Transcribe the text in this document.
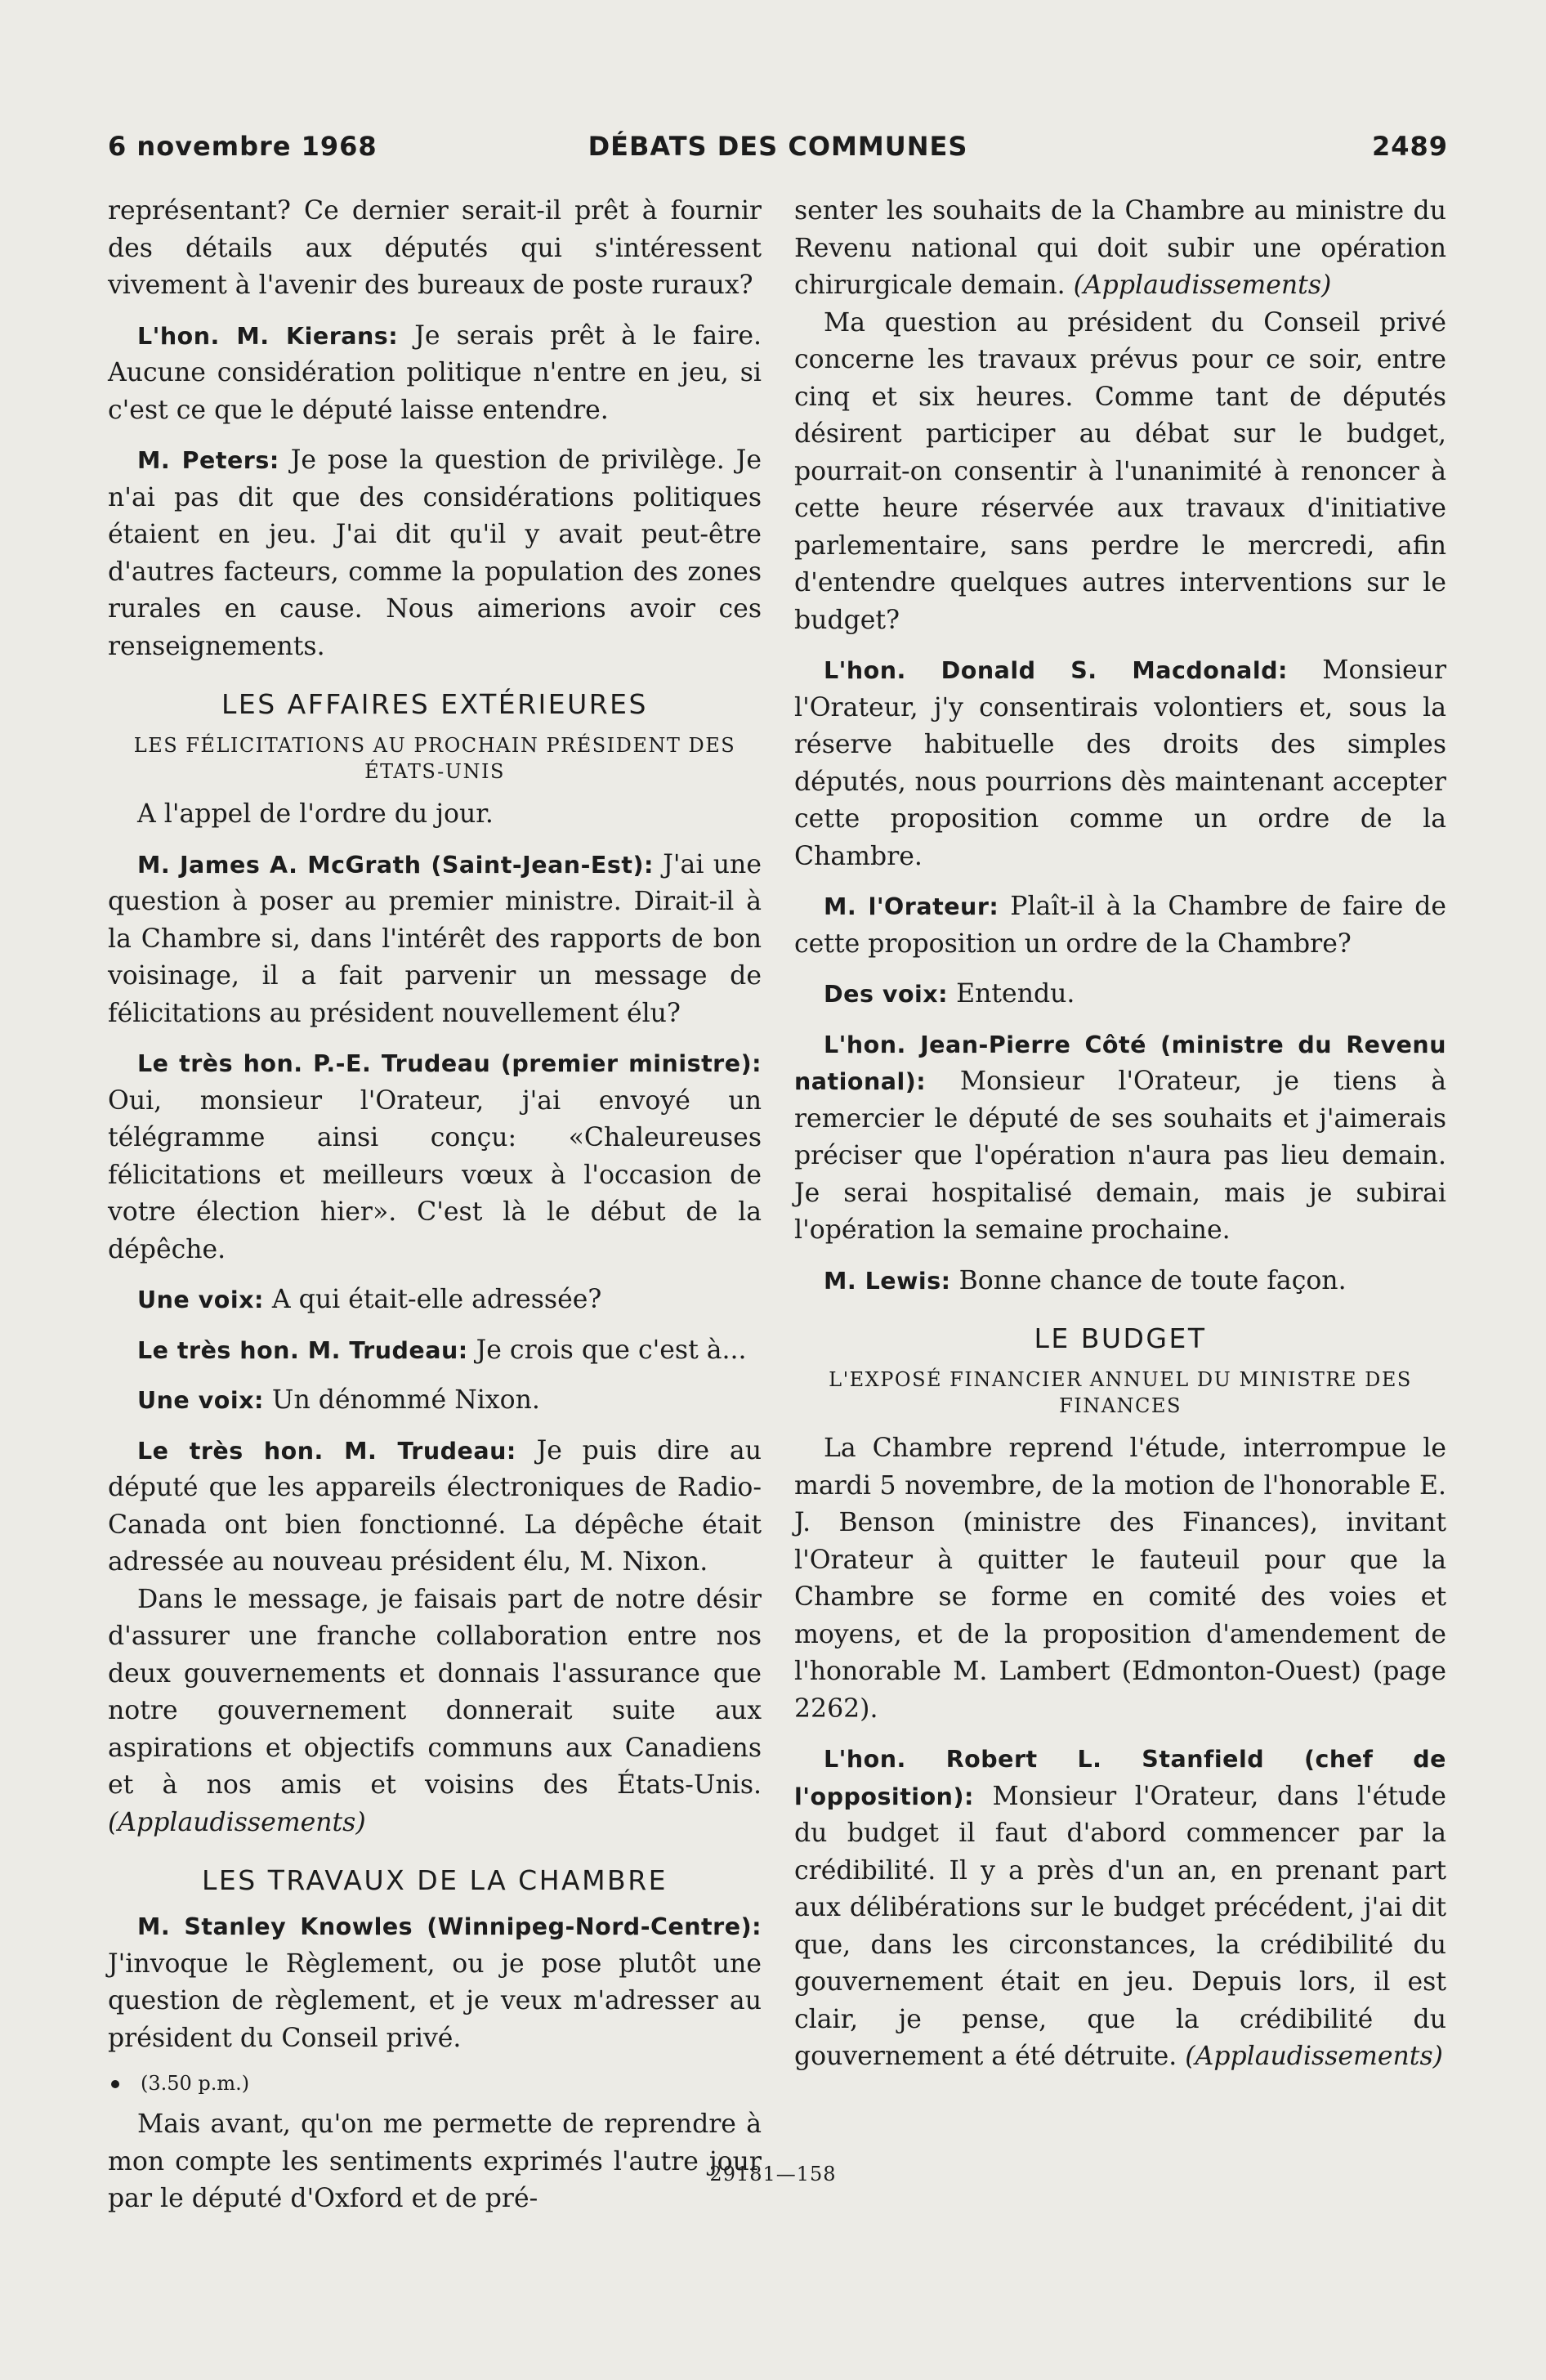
6 novembre 1968	DÉBATS DES COMMUNES	2489

représentant? Ce dernier serait-il prêt à fournir des détails aux députés qui s'intéressent vivement à l'avenir des bureaux de poste ruraux?

L'hon. M. Kierans: Je serais prêt à le faire. Aucune considération politique n'entre en jeu, si c'est ce que le député laisse entendre.

M. Peters: Je pose la question de privilège. Je n'ai pas dit que des considérations politiques étaient en jeu. J'ai dit qu'il y avait peut-être d'autres facteurs, comme la population des zones rurales en cause. Nous aimerions avoir ces renseignements.

LES AFFAIRES EXTÉRIEURES
LES FÉLICITATIONS AU PROCHAIN PRÉSIDENT DES ÉTATS-UNIS

A l'appel de l'ordre du jour.

M. James A. McGrath (Saint-Jean-Est): J'ai une question à poser au premier ministre. Dirait-il à la Chambre si, dans l'intérêt des rapports de bon voisinage, il a fait parvenir un message de félicitations au président nouvellement élu?

Le très hon. P.-E. Trudeau (premier ministre): Oui, monsieur l'Orateur, j'ai envoyé un télégramme ainsi conçu: «Chaleureuses félicitations et meilleurs vœux à l'occasion de votre élection hier». C'est là le début de la dépêche.

Une voix: A qui était-elle adressée?

Le très hon. M. Trudeau: Je crois que c'est à...

Une voix: Un dénommé Nixon.

Le très hon. M. Trudeau: Je puis dire au député que les appareils électroniques de Radio-Canada ont bien fonctionné. La dépêche était adressée au nouveau président élu, M. Nixon.

Dans le message, je faisais part de notre désir d'assurer une franche collaboration entre nos deux gouvernements et donnais l'assurance que notre gouvernement donnerait suite aux aspirations et objectifs communs aux Canadiens et à nos amis et voisins des États-Unis. (Applaudissements)

LES TRAVAUX DE LA CHAMBRE

M. Stanley Knowles (Winnipeg-Nord-Centre): J'invoque le Règlement, ou je pose plutôt une question de règlement, et je veux m'adresser au président du Conseil privé.

(3.50 p.m.)

Mais avant, qu'on me permette de reprendre à mon compte les sentiments exprimés l'autre jour par le député d'Oxford et de pré-

senter les souhaits de la Chambre au ministre du Revenu national qui doit subir une opération chirurgicale demain. (Applaudissements)

Ma question au président du Conseil privé concerne les travaux prévus pour ce soir, entre cinq et six heures. Comme tant de députés désirent participer au débat sur le budget, pourrait-on consentir à l'unanimité à renoncer à cette heure réservée aux travaux d'initiative parlementaire, sans perdre le mercredi, afin d'entendre quelques autres interventions sur le budget?

L'hon. Donald S. Macdonald: Monsieur l'Orateur, j'y consentirais volontiers et, sous la réserve habituelle des droits des simples députés, nous pourrions dès maintenant accepter cette proposition comme un ordre de la Chambre.

M. l'Orateur: Plaît-il à la Chambre de faire de cette proposition un ordre de la Chambre?

Des voix: Entendu.

L'hon. Jean-Pierre Côté (ministre du Revenu national): Monsieur l'Orateur, je tiens à remercier le député de ses souhaits et j'aimerais préciser que l'opération n'aura pas lieu demain. Je serai hospitalisé demain, mais je subirai l'opération la semaine prochaine.

M. Lewis: Bonne chance de toute façon.

LE BUDGET
L'EXPOSÉ FINANCIER ANNUEL DU MINISTRE DES FINANCES

La Chambre reprend l'étude, interrompue le mardi 5 novembre, de la motion de l'honorable E. J. Benson (ministre des Finances), invitant l'Orateur à quitter le fauteuil pour que la Chambre se forme en comité des voies et moyens, et de la proposition d'amendement de l'honorable M. Lambert (Edmonton-Ouest) (page 2262).

L'hon. Robert L. Stanfield (chef de l'opposition): Monsieur l'Orateur, dans l'étude du budget il faut d'abord commencer par la crédibilité. Il y a près d'un an, en prenant part aux délibérations sur le budget précédent, j'ai dit que, dans les circonstances, la crédibilité du gouvernement était en jeu. Depuis lors, il est clair, je pense, que la crédibilité du gouvernement a été détruite. (Applaudissements)

29181—158
